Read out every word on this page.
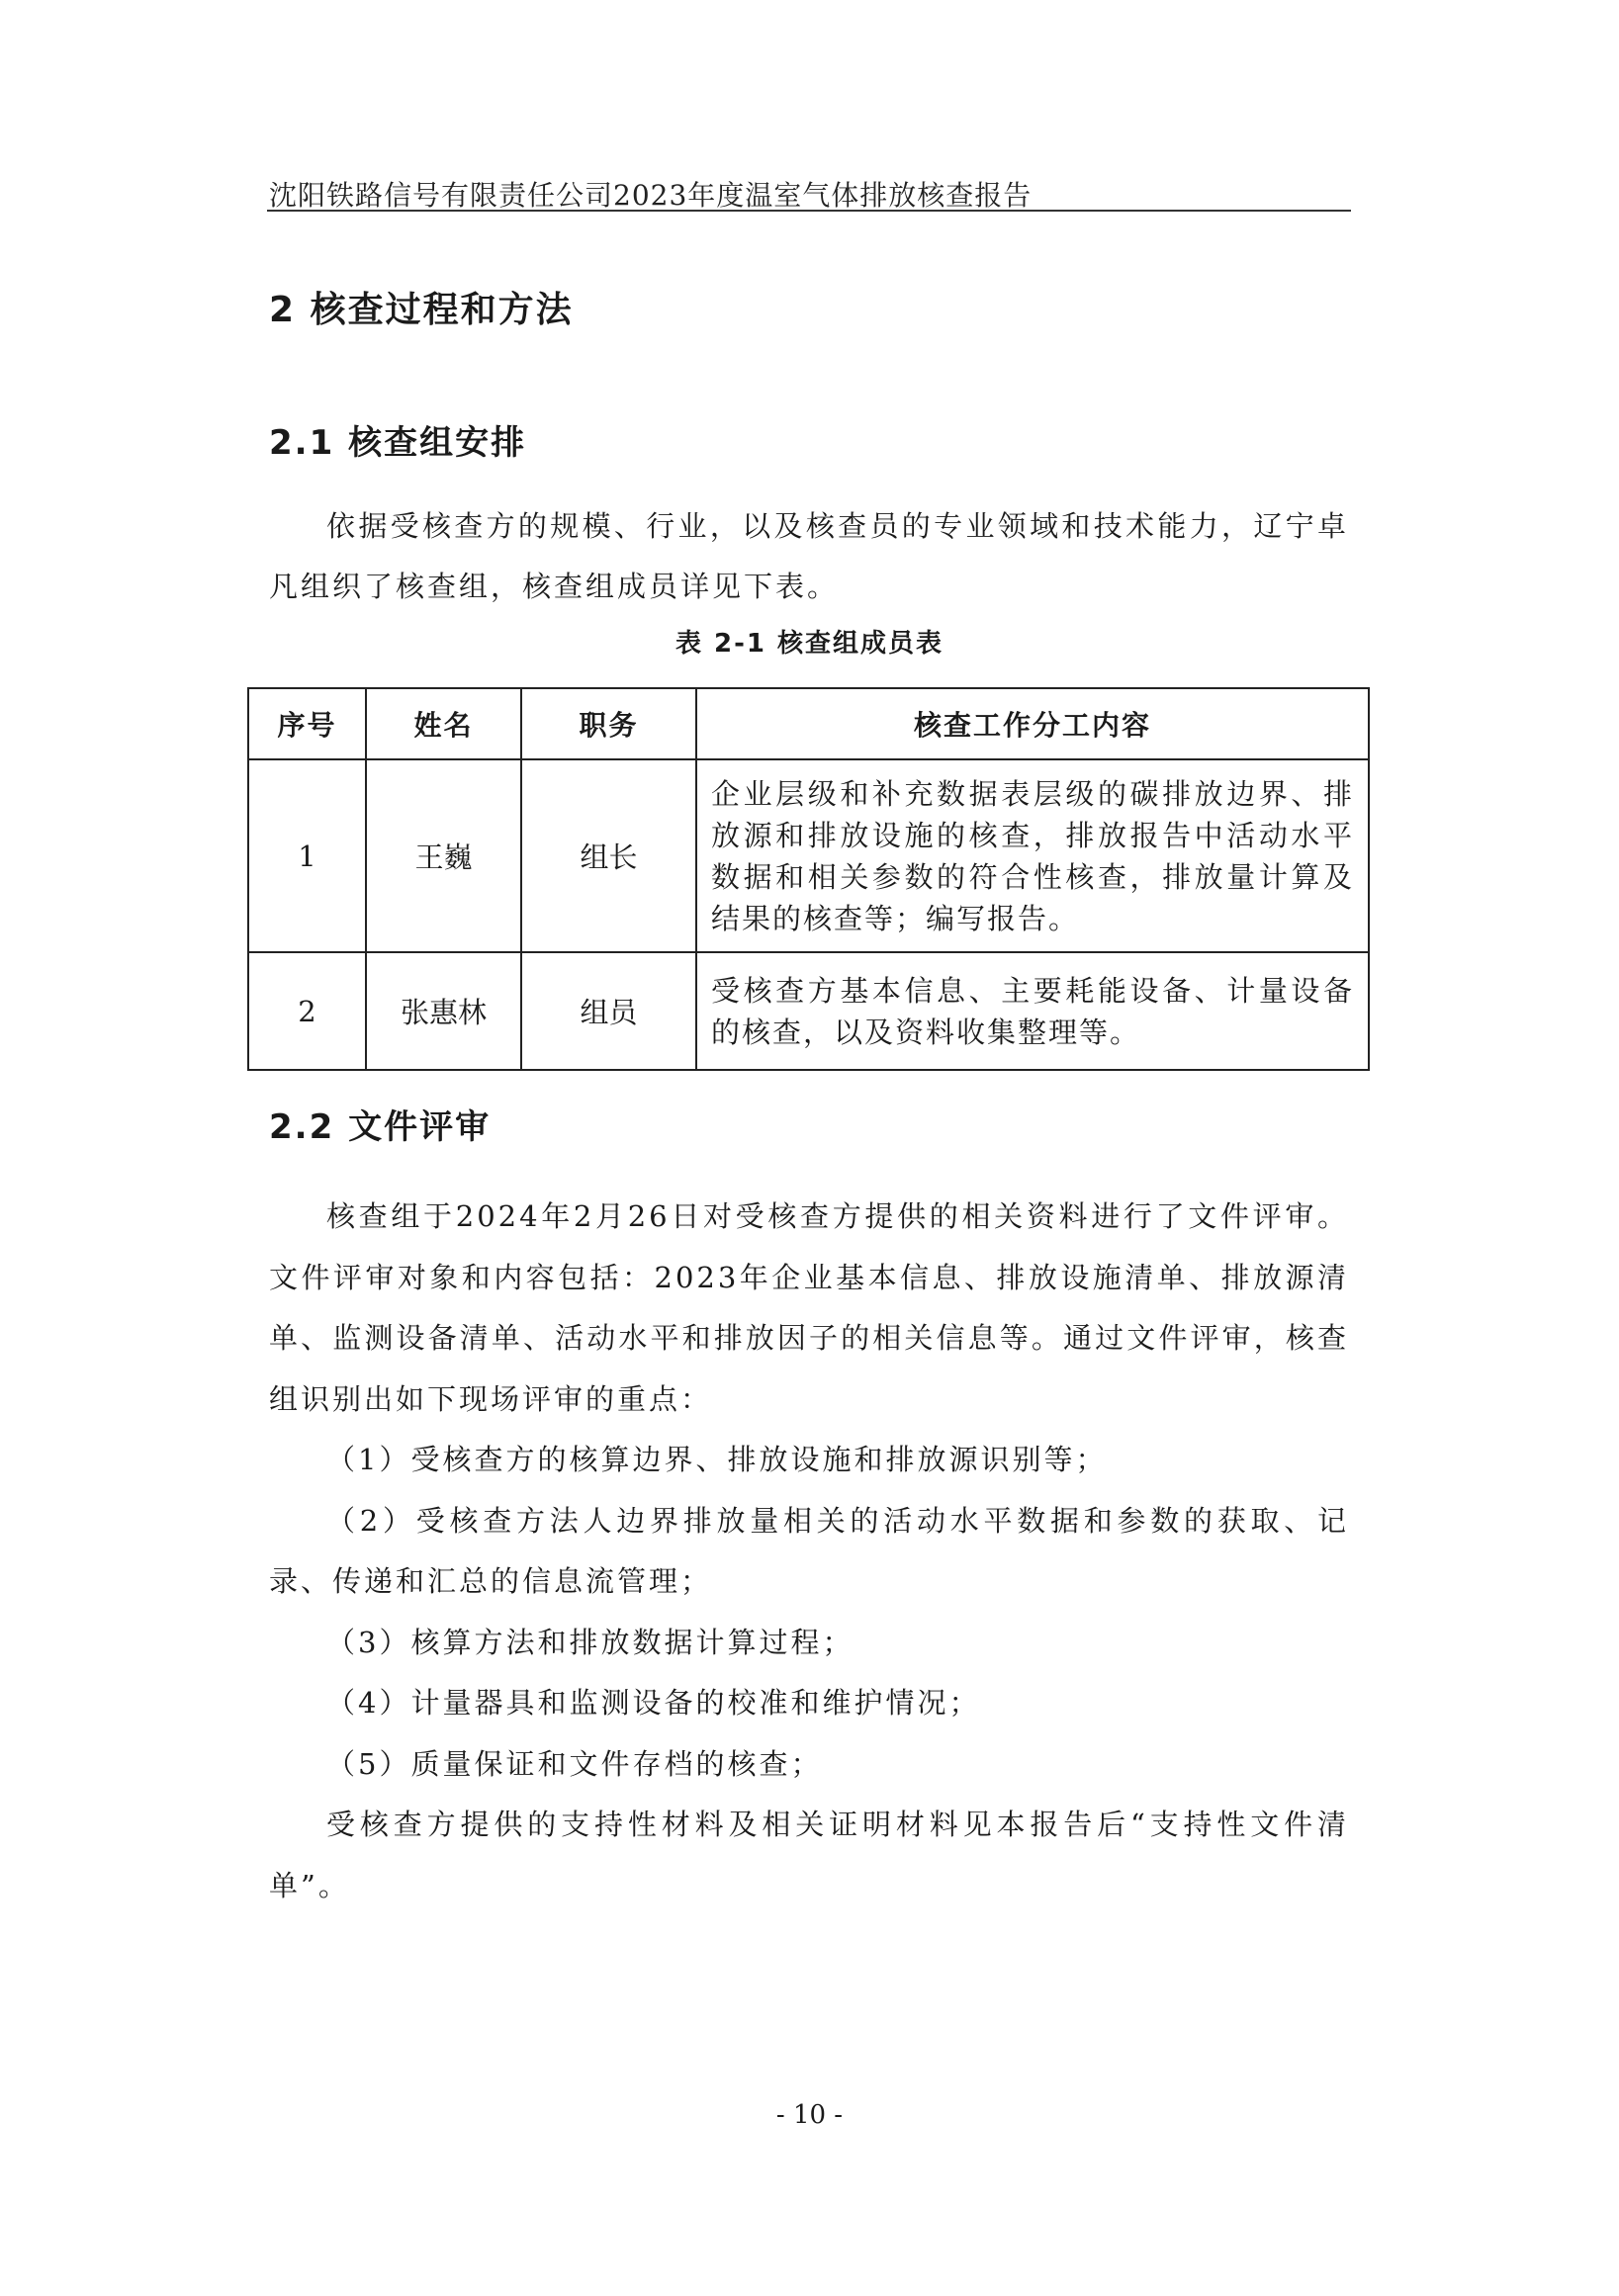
沈阳铁路信号有限责任公司2023年度温室气体排放核查报告
2 核查过程和方法
2.1 核查组安排
依据受核查方的规模、行业，以及核查员的专业领域和技术能力，辽宁卓凡组织了核查组，核查组成员详见下表。
表 2-1 核查组成员表
序号	姓名	职务	核查工作分工内容
1	王巍	组长	企业层级和补充数据表层级的碳排放边界、排放源和排放设施的核查，排放报告中活动水平数据和相关参数的符合性核查，排放量计算及结果的核查等；编写报告。
2	张惠林	组员	受核查方基本信息、主要耗能设备、计量设备的核查，以及资料收集整理等。
2.2 文件评审

核查组于2024年2月26日对受核查方提供的相关资料进行了文件评审。文件评审对象和内容包括：2023年企业基本信息、排放设施清单、排放源清单、监测设备清单、活动水平和排放因子的相关信息等。通过文件评审，核查组识别出如下现场评审的重点：

（1）受核查方的核算边界、排放设施和排放源识别等；

（2）受核查方法人边界排放量相关的活动水平数据和参数的获取、记录、传递和汇总的信息流管理；

（3）核算方法和排放数据计算过程；

（4）计量器具和监测设备的校准和维护情况；

（5）质量保证和文件存档的核查；

受核查方提供的支持性材料及相关证明材料见本报告后“支持性文件清单”。

- 10 -
